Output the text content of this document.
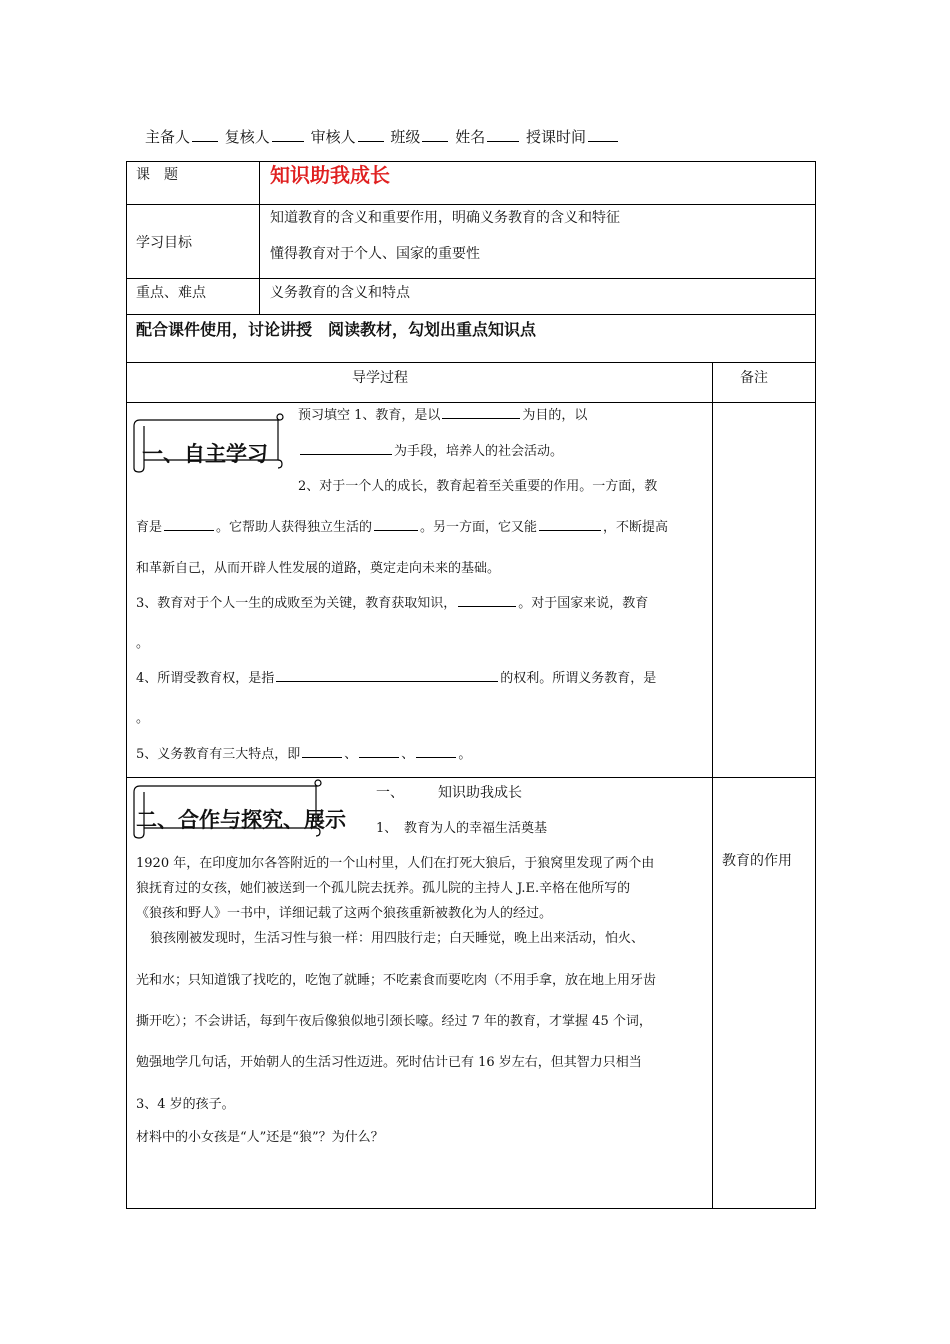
主备人 复核人	审核人 班级 姓名	授课时间
课　题	知识助我成长
学习目标
知道教育的含义和重要作用，明确义务教育的含义和特征
懂得教育对于个人、国家的重要性
重点、难点	义务教育的含义和特点
配合课件使用，讨论讲授　阅读教材，勾划出重点知识点
导学过程	备注
一、自主学习
预习填空 1、教育，是以	为目的，以
为手段，培养人的社会活动。
2、对于一个人的成长，教育起着至关重要的作用。一方面，教
育是	。它帮助人获得独立生活的	。另一方面，它又能	，不断提高
和革新自己，从而开辟人性发展的道路，奠定走向未来的基础。
3、教育对于个人一生的成败至为关键，教育获取知识，	。对于国家来说，教育
。
4、所谓受教育权，是指	的权利。所谓义务教育，是
。
5、义务教育有三大特点，即	、	、	。
二、合作与探究、展示
一、 知识助我成长
1、 教育为人的幸福生活奠基
1920 年，在印度加尔各答附近的一个山村里，人们在打死大狼后，于狼窝里发现了两个由
狼抚育过的女孩，她们被送到一个孤儿院去抚养。孤儿院的主持人 J.E.辛格在他所写的
《狼孩和野人》一书中，详细记载了这两个狼孩重新被教化为人的经过。
狼孩刚被发现时，生活习性与狼一样：用四肢行走；白天睡觉，晚上出来活动，怕火、
光和水；只知道饿了找吃的，吃饱了就睡；不吃素食而要吃肉（不用手拿，放在地上用牙齿
撕开吃）；不会讲话，每到午夜后像狼似地引颈长嚎。经过 7 年的教育，才掌握 45 个词，
勉强地学几句话，开始朝人的生活习性迈进。死时估计已有 16 岁左右，但其智力只相当
3、4 岁的孩子。
材料中的小女孩是“人”还是“狼”？为什么？
教育的作用
